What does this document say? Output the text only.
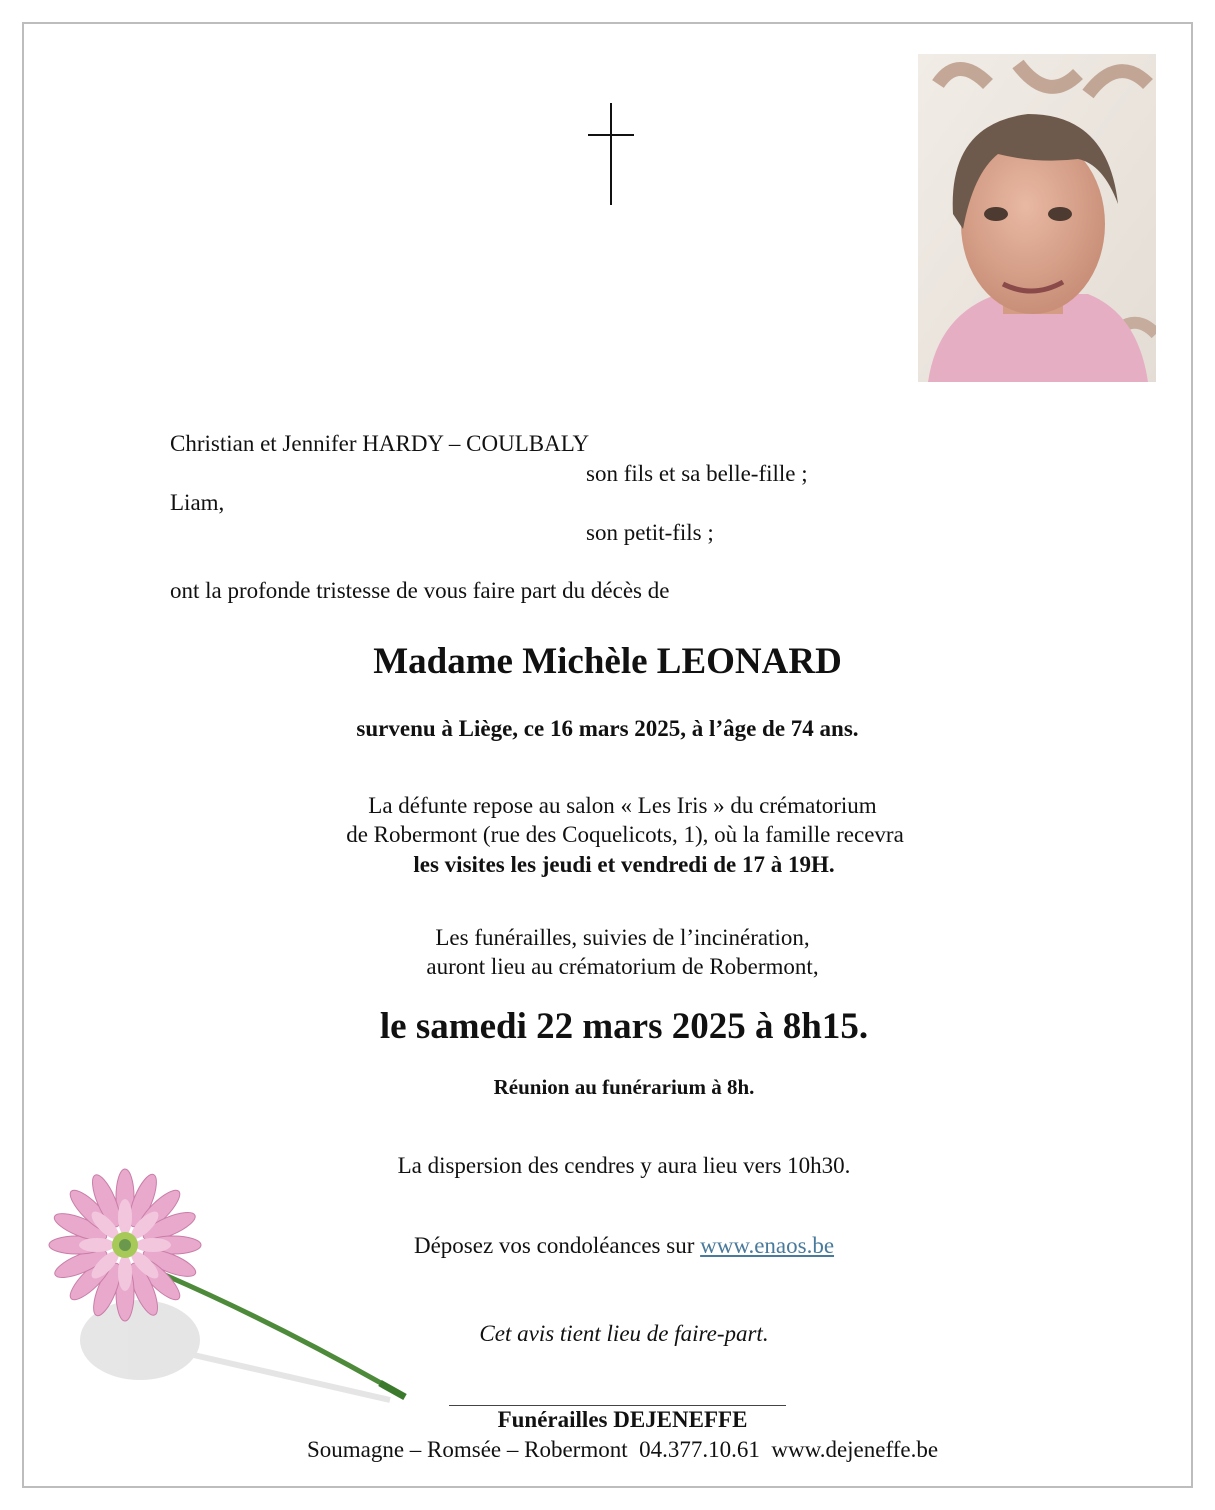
Christian et Jennifer HARDY – COULBALY
son fils et sa belle-fille ;
Liam,
son petit-fils ;
ont la profonde tristesse de vous faire part du décès de
Madame Michèle LEONARD
survenu à Liège, ce 16 mars 2025, à l’âge de 74 ans.
La défunte repose au salon « Les Iris » du crématorium
de Robermont (rue des Coquelicots, 1), où la famille recevra
les visites les jeudi et vendredi de 17 à 19H.
Les funérailles, suivies de l’incinération,
auront lieu au crématorium de Robermont,
le samedi 22 mars 2025 à 8h15.
Réunion au funérarium à 8h.
La dispersion des cendres y aura lieu vers 10h30.
Déposez vos condoléances sur www.enaos.be
Cet avis tient lieu de faire-part.
Funérailles DEJENEFFE
Soumagne – Romsée – Robermont  04.377.10.61  www.dejeneffe.be
